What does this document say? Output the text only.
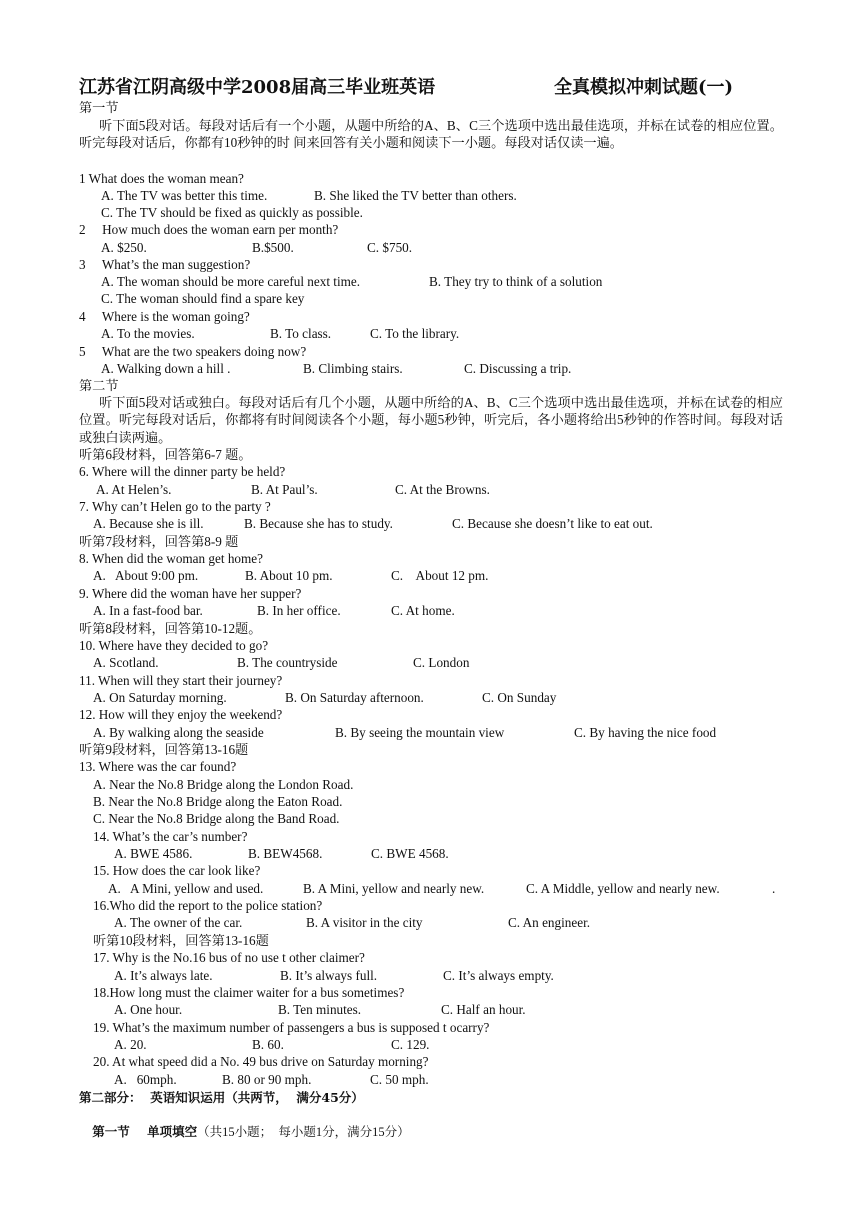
江苏省江阴高级中学2008届高三毕业班英语	全真模拟冲刺试题(一)
第一节
听下面5段对话。每段对话后有一个小题，从题中所给的A、B、C三个选项中选出最佳选项，并标在试卷的相应位置。听完每段对话后，你都有10秒钟的时 间来回答有关小题和阅读下一小题。每段对话仅读一遍。
1 What does the woman mean?
A. The TV was better this time.	B. She liked the TV better than others.
C. The TV should be fixed as quickly as possible.
2     How much does the woman earn per month?
A. $250.	B.$500.	C. $750.
3     What’s the man suggestion?
A. The woman should be more careful next time.	B. They try to think of a solution
C. The woman should find a spare key
4     Where is the woman going?
A. To the movies.	B. To class.	C. To the library.
5     What are the two speakers doing now?
A. Walking down a hill .	B. Climbing stairs.	C. Discussing a trip.
第二节
听下面5段对话或独白。每段对话后有几个小题，从题中所给的A、B、C三个选项中选出最佳选项，并标在试卷的相应位置。听完每段对话后，你都将有时间阅读各个小题，每小题5秒钟，听完后，各小题将给出5秒钟的作答时间。每段对话或独白读两遍。
听第6段材料，回答第6-7 题。
6. Where will the dinner party be held?
A. At Helen’s.	B. At Paul’s.	C. At the Browns.
7. Why can’t Helen go to the party ?
A. Because she is ill.	B. Because she has to study.	C. Because she doesn’t like to eat out.
听第7段材料，回答第8-9 题
8. When did the woman get home?
A.   About 9:00 pm.	B. About 10 pm.	C.    About 12 pm.
9. Where did the woman have her supper?
A. In a fast-food bar.	B. In her office.	C. At home.
听第8段材料，回答第10-12题。
10. Where have they decided to go?
A. Scotland.	B. The countryside	C. London
11. When will they start their journey?
A. On Saturday morning.	B. On Saturday afternoon.	C. On Sunday
12. How will they enjoy the weekend?
A. By walking along the seaside	B. By seeing the mountain view	C. By having the nice food
听第9段材料，回答第13-16题
13. Where was the car found?
A. Near the No.8 Bridge along the London Road.
B. Near the No.8 Bridge along the Eaton Road.
C. Near the No.8 Bridge along the Band Road.
14. What’s the car’s number?
A. BWE 4586.	B. BEW4568.	C. BWE 4568.
15. How does the car look like?
A.   A Mini, yellow and used.	B. A Mini, yellow and nearly new.	C. A Middle, yellow and nearly new.	.
16.Who did the report to the police station?
A. The owner of the car.	B. A visitor in the city	C. An engineer.
听第10段材料，回答第13-16题
17. Why is the No.16 bus of no use t other claimer?
A. It’s always late.	B. It’s always full.	C. It’s always empty.
18.How long must the claimer waiter for a bus sometimes?
A. One hour.	B. Ten minutes.	C. Half an hour.
19. What’s the maximum number of passengers a bus is supposed t ocarry?
A. 20.	B. 60.	C. 129.
20. At what speed did a No. 49 bus drive on Saturday morning?
A.   60mph.	B. 80 or 90 mph.	C. 50 mph.
第二部分：  英语知识运用（共两节，  满分45分）

第一节    单项填空（共15小题；  每小题1分，满分15分）
